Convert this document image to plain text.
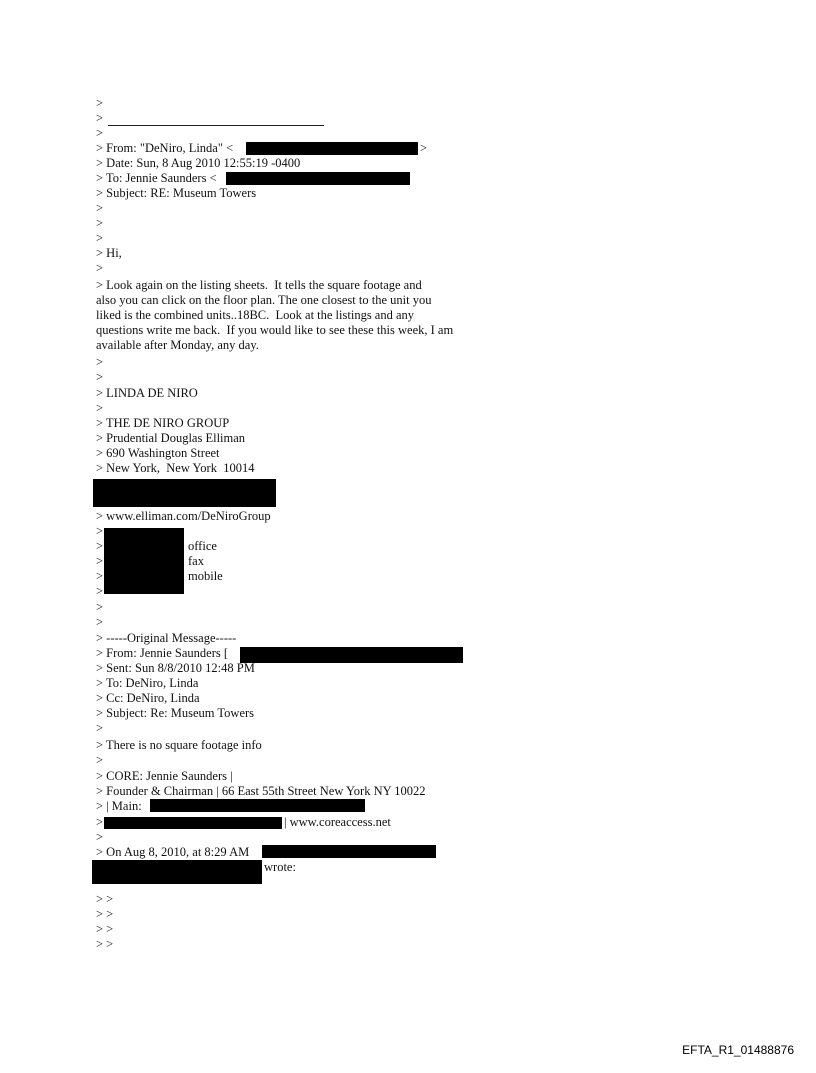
>
>
>
> From: "DeNiro, Linda" <	>
> Date: Sun, 8 Aug 2010 12:55:19 -0400
> To: Jennie Saunders <
> Subject: RE: Museum Towers
>
>
>
> Hi,
>
> Look again on the listing sheets.  It tells the square footage and
also you can click on the floor plan. The one closest to the unit you
liked is the combined units..18BC.  Look at the listings and any
questions write me back.  If you would like to see these this week, I am
available after Monday, any day.
>
>
> LINDA DE NIRO
>
> THE DE NIRO GROUP
> Prudential Douglas Elliman
> 690 Washington Street
> New York,  New York  10014
> www.elliman.com/DeNiroGroup
>
>
>
>
>
office
fax
mobile
>
>
> -----Original Message-----
> From: Jennie Saunders [
> Sent: Sun 8/8/2010 12:48 PM
> To: DeNiro, Linda
> Cc: DeNiro, Linda
> Subject: Re: Museum Towers
>
> There is no square footage info
>
> CORE: Jennie Saunders |
> Founder & Chairman | 66 East 55th Street New York NY 10022
> | Main:
>	| www.coreaccess.net
>
> On Aug 8, 2010, at 8:29 AM
wrote:
> >
> >
> >
> >
EFTA_R1_01488876
